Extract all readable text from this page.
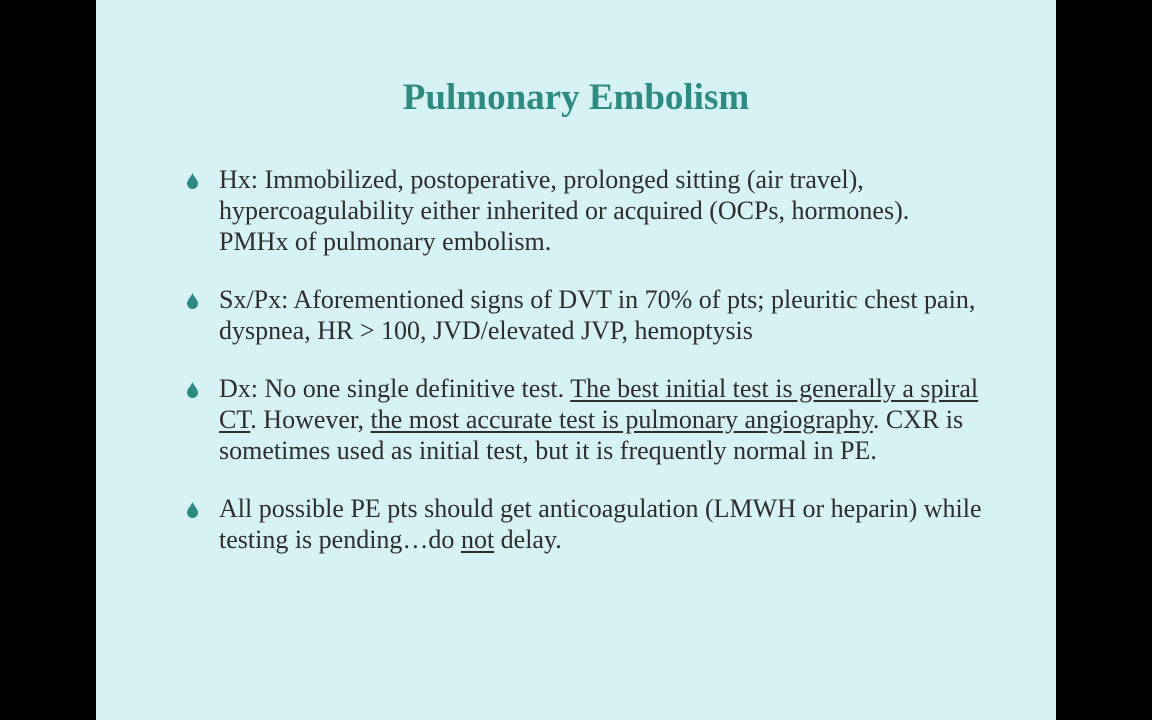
Pulmonary Embolism
Hx: Immobilized, postoperative, prolonged sitting (air travel), hypercoagulability either inherited or acquired (OCPs, hormones). PMHx of pulmonary embolism.
Sx/Px: Aforementioned signs of DVT in 70% of pts; pleuritic chest pain, dyspnea, HR > 100, JVD/elevated JVP, hemoptysis
Dx: No one single definitive test. The best initial test is generally a spiral CT. However, the most accurate test is pulmonary angiography. CXR is sometimes used as initial test, but it is frequently normal in PE.
All possible PE pts should get anticoagulation (LMWH or heparin) while testing is pending…do not delay.
